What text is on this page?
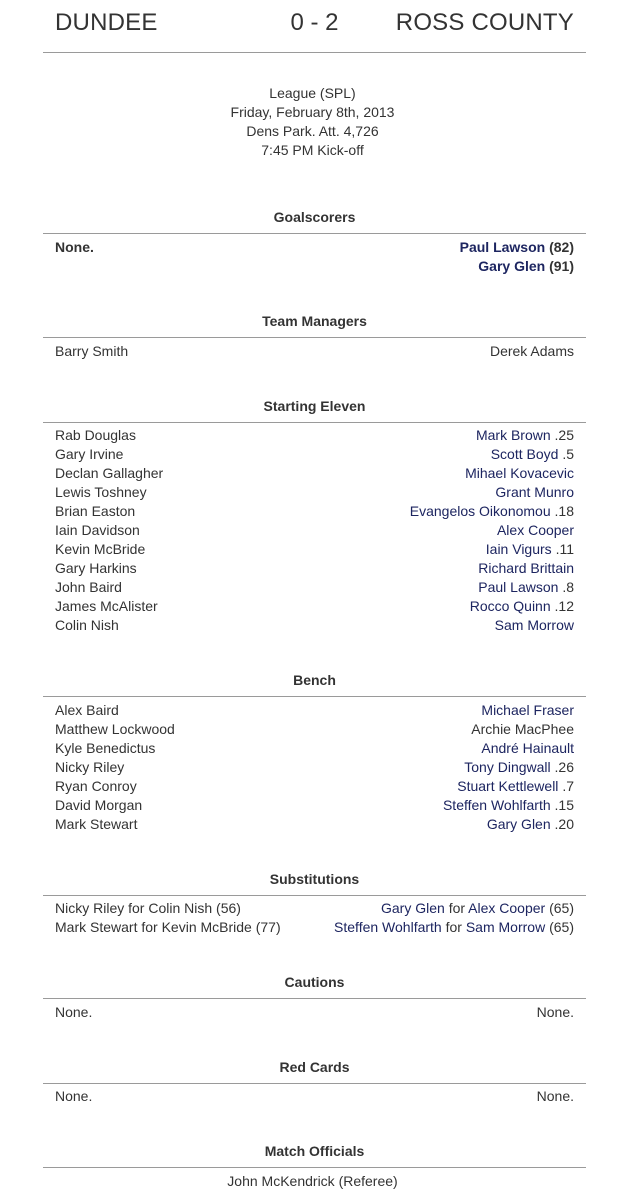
DUNDEE	0 - 2	ROSS COUNTY
League (SPL)
Friday, February 8th, 2013
Dens Park. Att. 4,726
7:45 PM Kick-off
Goalscorers
None.	Paul Lawson (82)
Gary Glen (91)
Team Managers
Barry Smith	Derek Adams
Starting Eleven
Rab Douglas	Mark Brown .25
Gary Irvine	Scott Boyd .5
Declan Gallagher	Mihael Kovacevic
Lewis Toshney	Grant Munro
Brian Easton	Evangelos Oikonomou .18
Iain Davidson	Alex Cooper
Kevin McBride	Iain Vigurs .11
Gary Harkins	Richard Brittain
John Baird	Paul Lawson .8
James McAlister	Rocco Quinn .12
Colin Nish	Sam Morrow
Bench
Alex Baird	Michael Fraser
Matthew Lockwood	Archie MacPhee
Kyle Benedictus	André Hainault
Nicky Riley	Tony Dingwall .26
Ryan Conroy	Stuart Kettlewell .7
David Morgan	Steffen Wohlfarth .15
Mark Stewart	Gary Glen .20
Substitutions
Nicky Riley for Colin Nish (56)	Gary Glen for Alex Cooper (65)
Mark Stewart for Kevin McBride (77)	Steffen Wohlfarth for Sam Morrow (65)
Cautions
None.	None.
Red Cards
None.	None.
Match Officials
John McKendrick (Referee)
